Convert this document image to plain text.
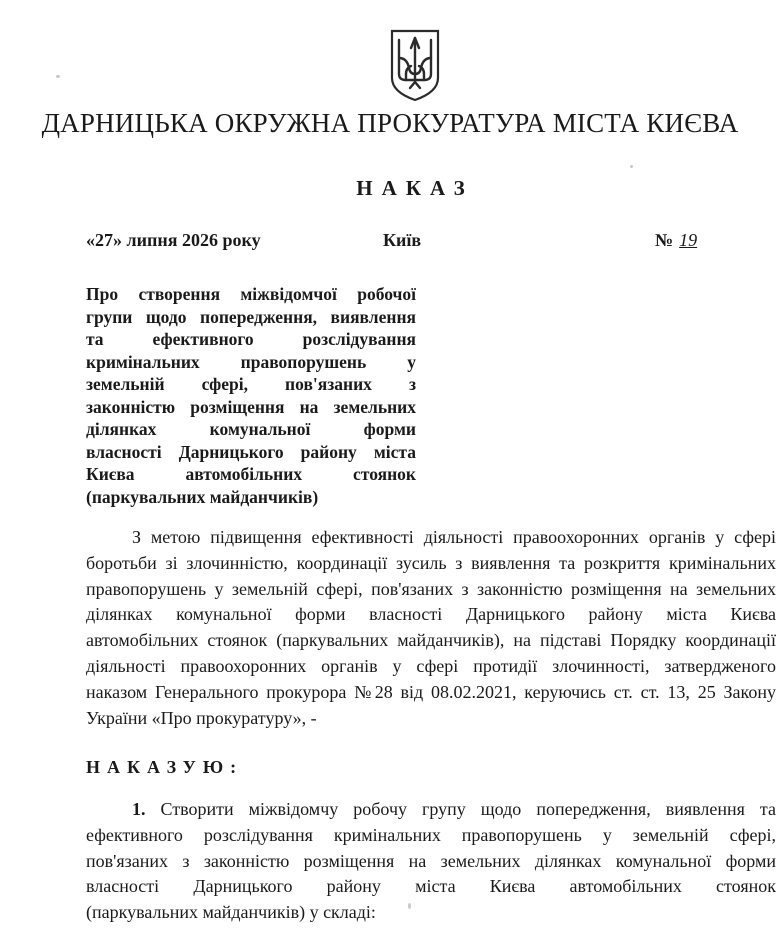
ДАРНИЦЬКА ОКРУЖНА ПРОКУРАТУРА МІСТА КИЄВА
НАКАЗ
«27» липня 2026 року	Київ	№ 19
Про створення міжвідомчої робочої
групи щодо попередження, виявлення
та ефективного розслідування
кримінальних правопорушень у
земельній сфері, пов'язаних з
законністю розміщення на земельних
ділянках комунальної форми
власності Дарницького району міста
Києва автомобільних стоянок
(паркувальних майданчиків)
З метою підвищення ефективності діяльності правоохоронних органів у сфері
боротьби зі злочинністю, координації зусиль з виявлення та розкриття кримінальних
правопорушень у земельній сфері, пов'язаних з законністю розміщення на земельних
ділянках комунальної форми власності Дарницького району міста Києва
автомобільних стоянок (паркувальних майданчиків), на підставі Порядку координації
діяльності правоохоронних органів у сфері протидії злочинності, затвердженого
наказом Генерального прокурора №28 від 08.02.2021, керуючись ст. ст. 13, 25 Закону
України «Про прокуратуру», -
НАКАЗУЮ:
1. Створити міжвідомчу робочу групу щодо попередження, виявлення та
ефективного розслідування кримінальних правопорушень у земельній сфері,
пов'язаних з законністю розміщення на земельних ділянках комунальної форми
власності Дарницького району міста Києва автомобільних стоянок
(паркувальних майданчиків) у складі:
